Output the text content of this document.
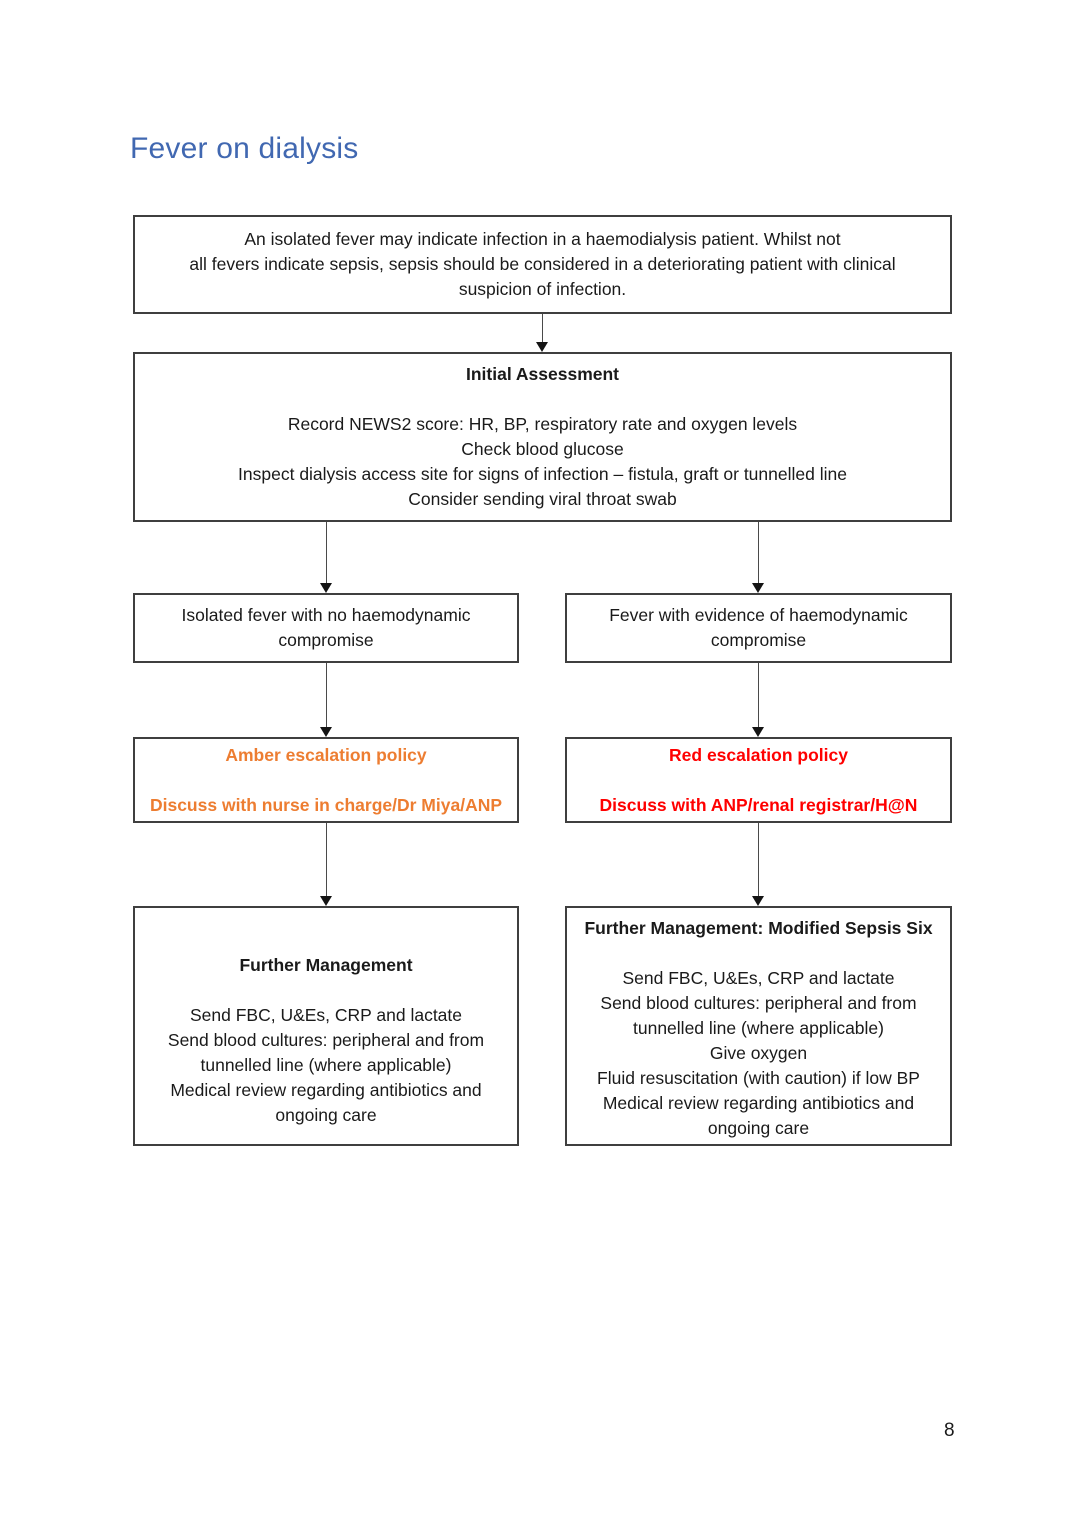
Fever on dialysis
An isolated fever may indicate infection in a haemodialysis patient. Whilst not
all fevers indicate sepsis, sepsis should be considered in a deteriorating patient with clinical
suspicion of infection.
Initial Assessment
Record NEWS2 score: HR, BP, respiratory rate and oxygen levels
Check blood glucose
Inspect dialysis access site for signs of infection – fistula, graft or tunnelled line
Consider sending viral throat swab
Isolated fever with no haemodynamic
compromise
Fever with evidence of haemodynamic
compromise
Amber escalation policy
Discuss with nurse in charge/Dr Miya/ANP
Red escalation policy
Discuss with ANP/renal registrar/H@N
Further Management
Send FBC, U&Es, CRP and lactate
Send blood cultures: peripheral and from
tunnelled line (where applicable)
Medical review regarding antibiotics and
ongoing care
Further Management: Modified Sepsis Six
Send FBC, U&Es, CRP and lactate
Send blood cultures: peripheral and from
tunnelled line (where applicable)
Give oxygen
Fluid resuscitation (with caution) if low BP
Medical review regarding antibiotics and
ongoing care
8
